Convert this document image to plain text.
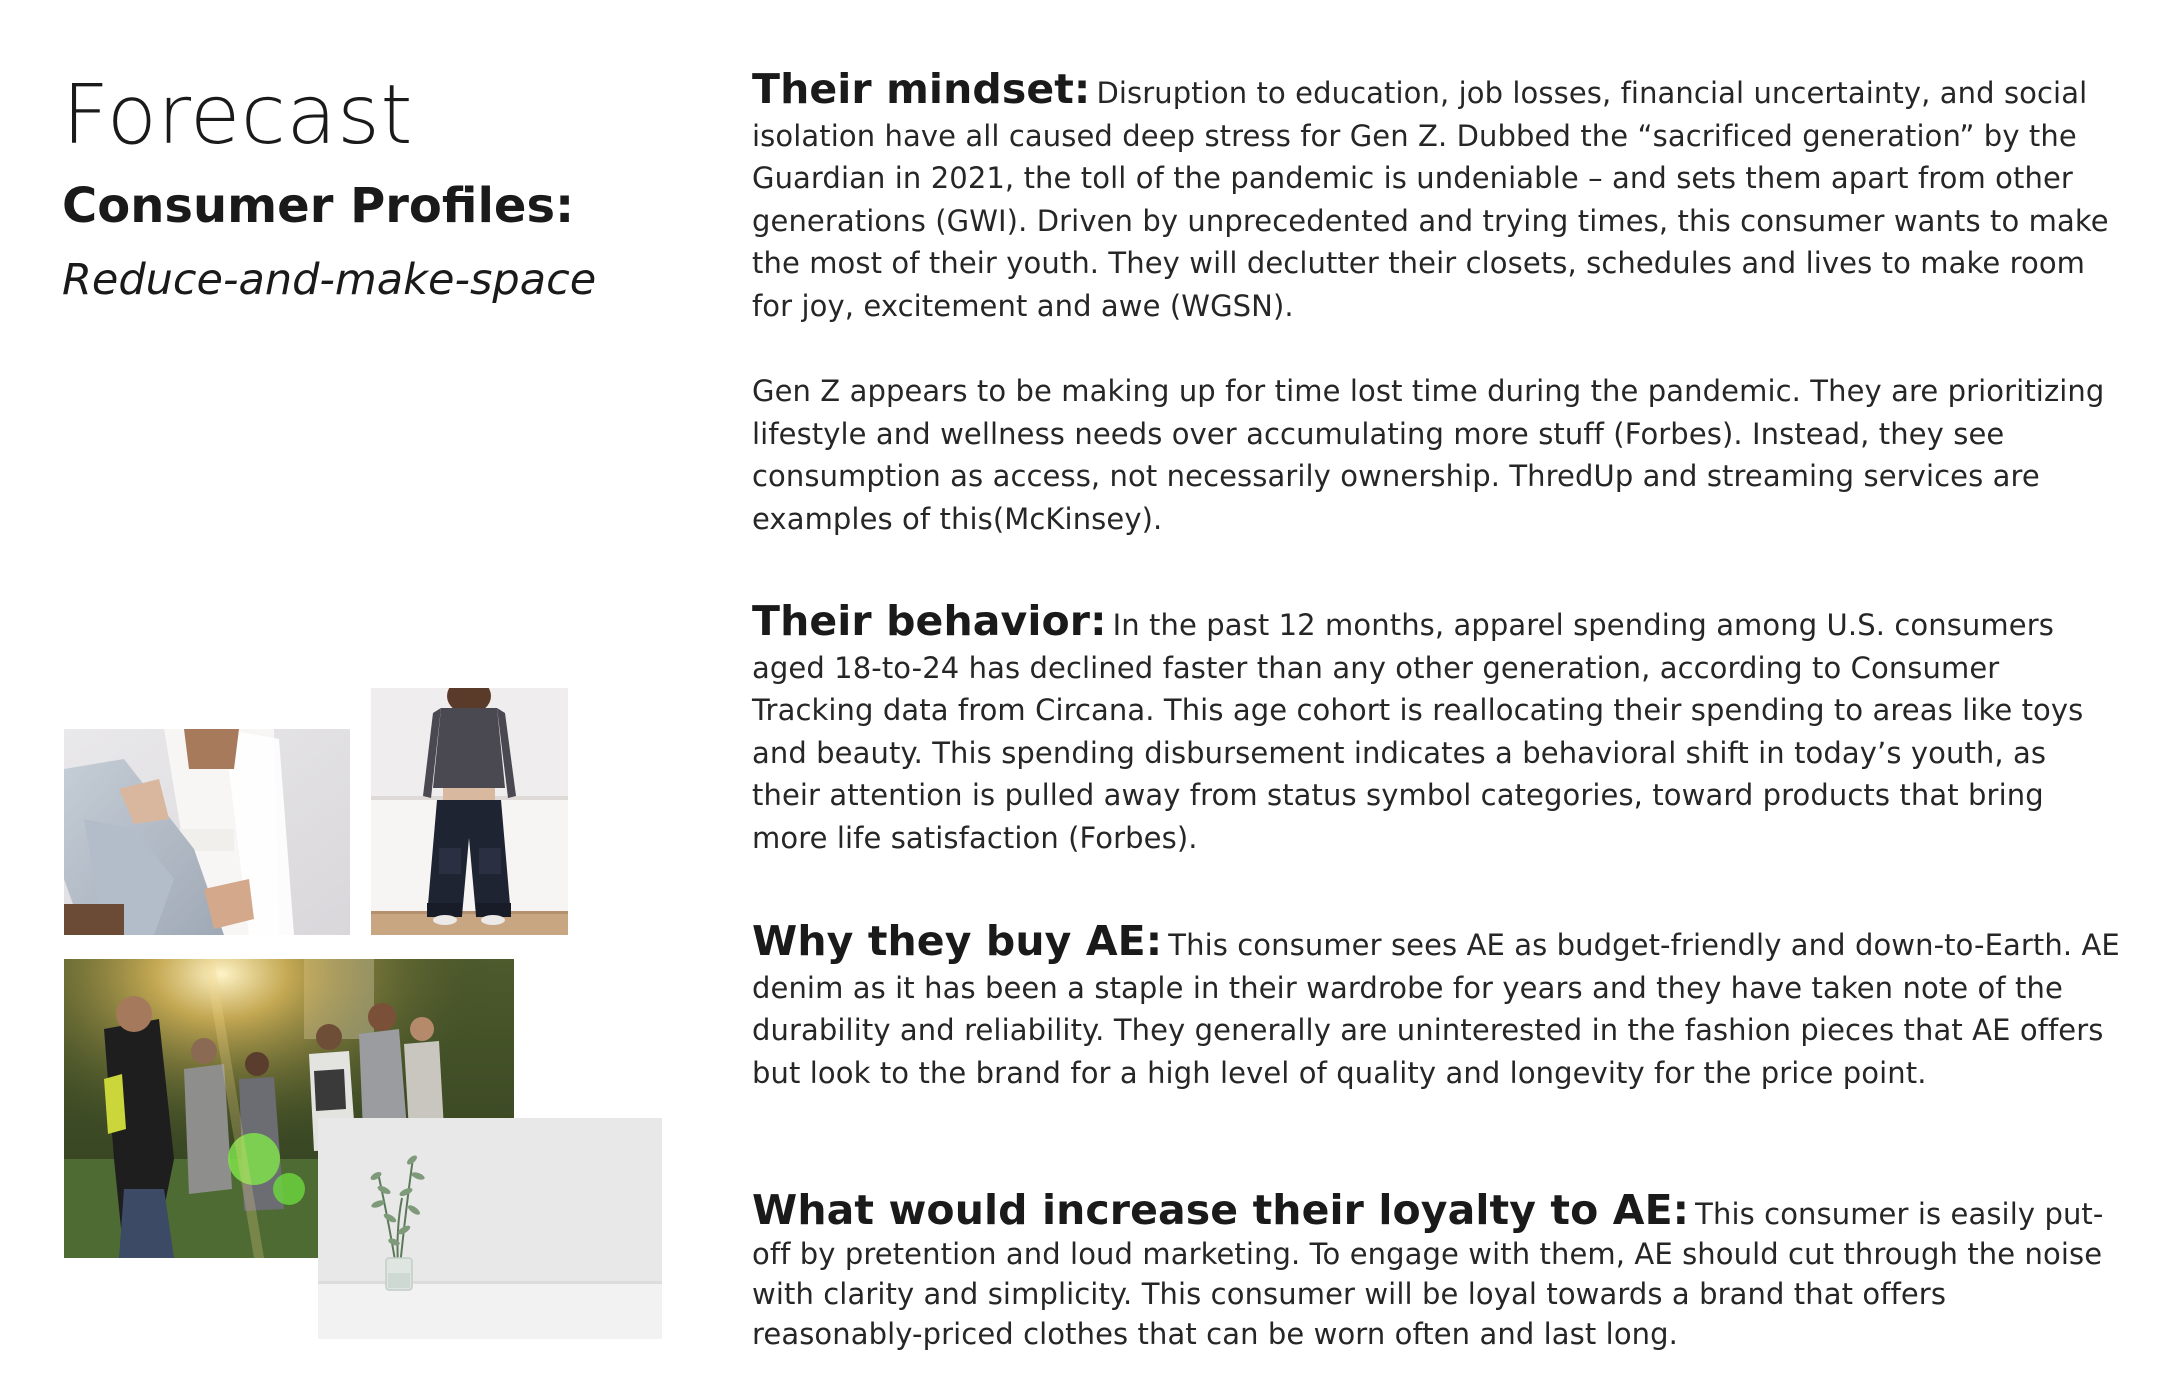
Forecast
Consumer Profiles:
Reduce-and-make-space

Their mindset: Disruption to education, job losses, financial uncertainty, and social isolation have all caused deep stress for Gen Z. Dubbed the “sacrificed generation” by the Guardian in 2021, the toll of the pandemic is undeniable – and sets them apart from other generations (GWI). Driven by unprecedented and trying times, this consumer wants to make the most of their youth. They will declutter their closets, schedules and lives to make room for joy, excitement and awe (WGSN).

Gen Z appears to be making up for time lost time during the pandemic. They are prioritizing lifestyle and wellness needs over accumulating more stuff (Forbes). Instead, they see consumption as access, not necessarily ownership. ThredUp and streaming services are examples of this(McKinsey).

Their behavior: In the past 12 months, apparel spending among U.S. consumers aged 18-to-24 has declined faster than any other generation, according to Consumer Tracking data from Circana. This age cohort is reallocating their spending to areas like toys and beauty. This spending disbursement indicates a behavioral shift in today’s youth, as their attention is pulled away from status symbol categories, toward products that bring more life satisfaction (Forbes).

Why they buy AE: This consumer sees AE as budget-friendly and down-to-Earth. AE denim as it has been a staple in their wardrobe for years and they have taken note of the durability and reliability. They generally are uninterested in the fashion pieces that AE offers but look to the brand for a high level of quality and longevity for the price point.

What would increase their loyalty to AE: This consumer is easily put-off by pretention and loud marketing. To engage with them, AE should cut through the noise with clarity and simplicity. This consumer will be loyal towards a brand that offers reasonably-priced clothes that can be worn often and last long.
